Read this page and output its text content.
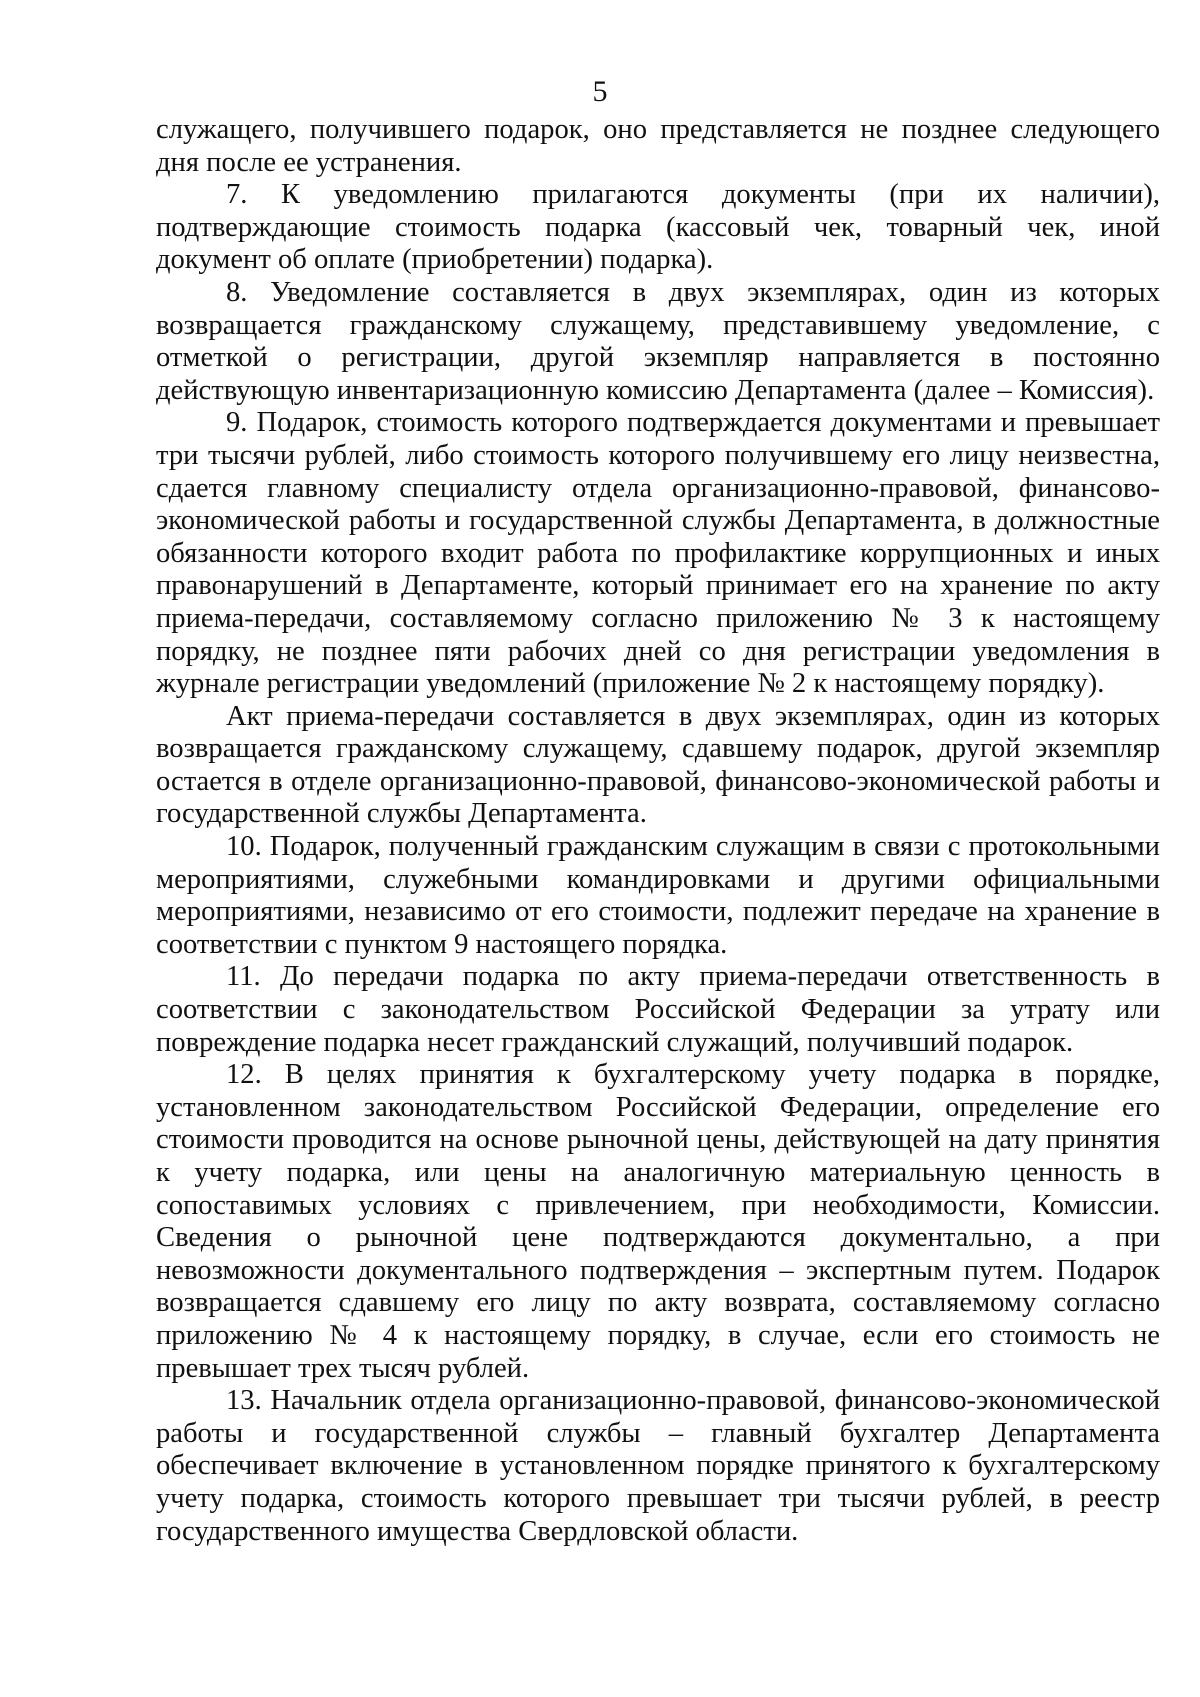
5

служащего, получившего подарок, оно представляется не позднее следующего дня после ее устранения.

7. К уведомлению прилагаются документы (при их наличии), подтверждающие стоимость подарка (кассовый чек, товарный чек, иной документ об оплате (приобретении) подарка).

8. Уведомление составляется в двух экземплярах, один из которых возвращается гражданскому служащему, представившему уведомление, с отметкой о регистрации, другой экземпляр направляется в постоянно действующую инвентаризационную комиссию Департамента (далее – Комиссия).

9. Подарок, стоимость которого подтверждается документами и превышает три тысячи рублей, либо стоимость которого получившему его лицу неизвестна, сдается главному специалисту отдела организационно-правовой, финансово-экономической работы и государственной службы Департамента, в должностные обязанности которого входит работа по профилактике коррупционных и иных правонарушений в Департаменте, который принимает его на хранение по акту приема-передачи, составляемому согласно приложению № 3 к настоящему порядку, не позднее пяти рабочих дней со дня регистрации уведомления в журнале регистрации уведомлений (приложение № 2 к настоящему порядку).

Акт приема-передачи составляется в двух экземплярах, один из которых возвращается гражданскому служащему, сдавшему подарок, другой экземпляр остается в отделе организационно-правовой, финансово-экономической работы и государственной службы Департамента.

10. Подарок, полученный гражданским служащим в связи с протокольными мероприятиями, служебными командировками и другими официальными мероприятиями, независимо от его стоимости, подлежит передаче на хранение в соответствии с пунктом 9 настоящего порядка.

11. До передачи подарка по акту приема-передачи ответственность в соответствии с законодательством Российской Федерации за утрату или повреждение подарка несет гражданский служащий, получивший подарок.

12. В целях принятия к бухгалтерскому учету подарка в порядке, установленном законодательством Российской Федерации, определение его стоимости проводится на основе рыночной цены, действующей на дату принятия к учету подарка, или цены на аналогичную материальную ценность в сопоставимых условиях с привлечением, при необходимости, Комиссии. Сведения о рыночной цене подтверждаются документально, а при невозможности документального подтверждения – экспертным путем. Подарок возвращается сдавшему его лицу по акту возврата, составляемому согласно приложению № 4 к настоящему порядку, в случае, если его стоимость не превышает трех тысяч рублей.

13. Начальник отдела организационно-правовой, финансово-экономической работы и государственной службы – главный бухгалтер Департамента обеспечивает включение в установленном порядке принятого к бухгалтерскому учету подарка, стоимость которого превышает три тысячи рублей, в реестр государственного имущества Свердловской области.
